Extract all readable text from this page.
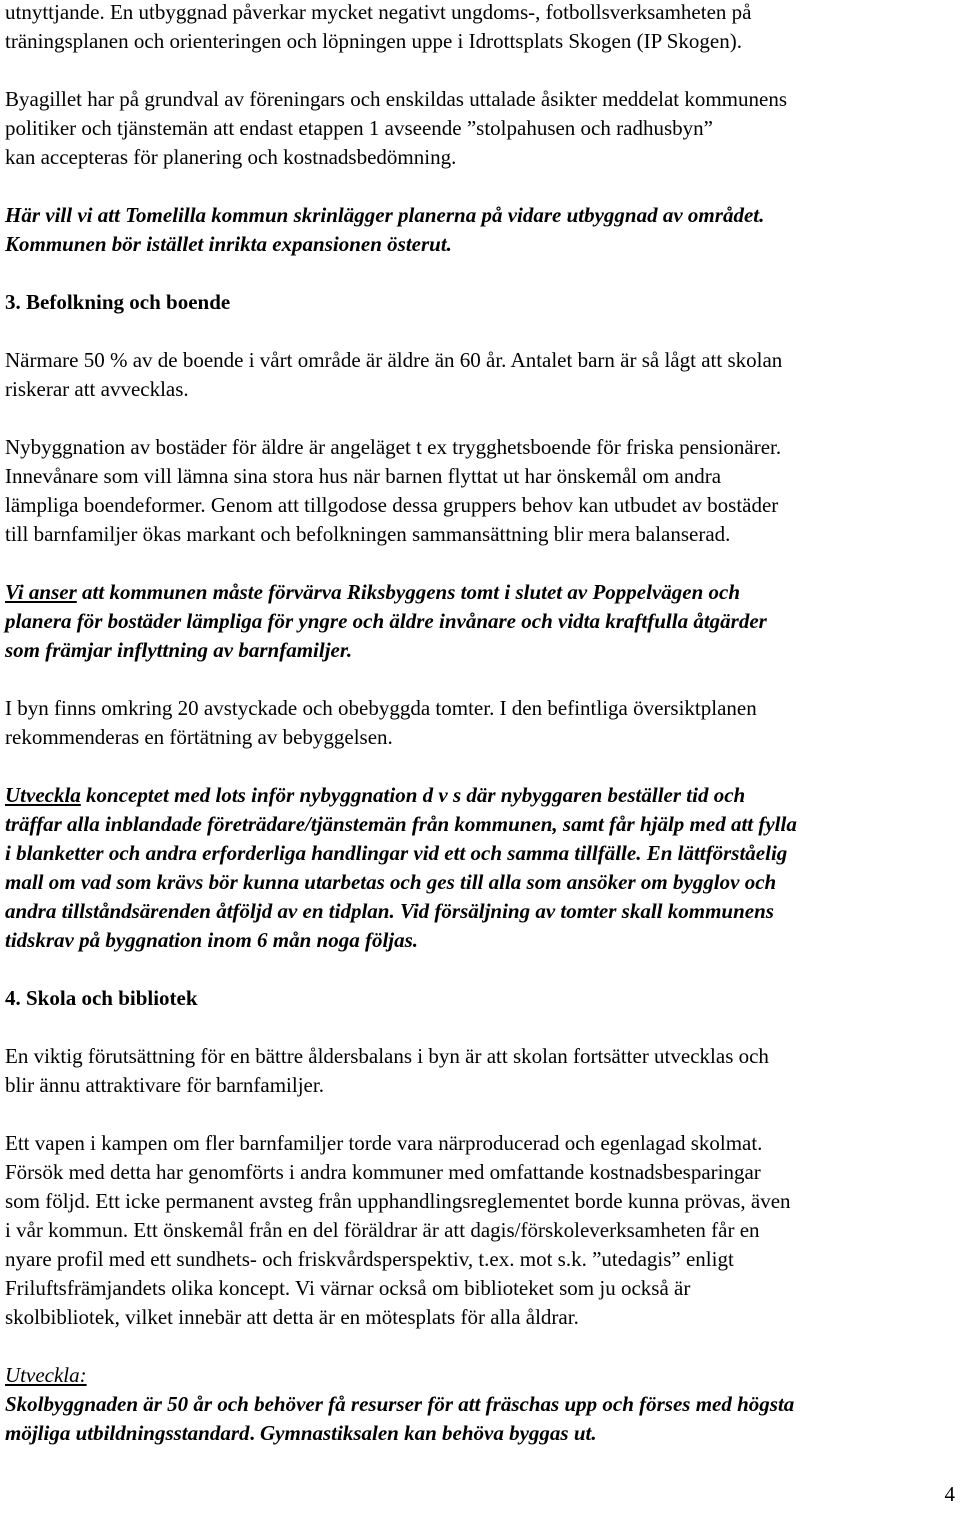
utnyttjande. En utbyggnad påverkar mycket negativt ungdoms-, fotbollsverksamheten på
träningsplanen och orienteringen och löpningen uppe i Idrottsplats Skogen (IP Skogen).

Byagillet har på grundval av föreningars och enskildas uttalade åsikter meddelat kommunens
politiker och tjänstemän att endast etappen 1 avseende ”stolpahusen och radhusbyn”
kan accepteras för planering och kostnadsbedömning.

Här vill vi att Tomelilla kommun skrinlägger planerna på vidare utbyggnad av området.
Kommunen bör istället inrikta expansionen österut.

3. Befolkning och boende

Närmare 50 % av de boende i vårt område är äldre än 60 år. Antalet barn är så lågt att skolan
riskerar att avvecklas.

Nybyggnation av bostäder för äldre är angeläget t ex trygghetsboende för friska pensionärer.
Innevånare som vill lämna sina stora hus när barnen flyttat ut har önskemål om andra
lämpliga boendeformer. Genom att tillgodose dessa gruppers behov kan utbudet av bostäder
till barnfamiljer ökas markant och befolkningen sammansättning blir mera balanserad.

Vi anser att kommunen måste förvärva Riksbyggens tomt i slutet av Poppelvägen och
planera för bostäder lämpliga för yngre och äldre invånare och vidta kraftfulla åtgärder
som främjar inflyttning av barnfamiljer.

I byn finns omkring 20 avstyckade och obebyggda tomter. I den befintliga översiktplanen
rekommenderas en förtätning av bebyggelsen.

Utveckla konceptet med lots inför nybyggnation d v s där nybyggaren beställer tid och
träffar alla inblandade företrädare/tjänstemän från kommunen, samt får hjälp med att fylla
i blanketter och andra erforderliga handlingar vid ett och samma tillfälle. En lättförståelig
mall om vad som krävs bör kunna utarbetas och ges till alla som ansöker om bygglov och
andra tillståndsärenden åtföljd av en tidplan. Vid försäljning av tomter skall kommunens
tidskrav på byggnation inom 6 mån noga följas.

4. Skola och bibliotek

En viktig förutsättning för en bättre åldersbalans i byn är att skolan fortsätter utvecklas och
blir ännu attraktivare för barnfamiljer.

Ett vapen i kampen om fler barnfamiljer torde vara närproducerad och egenlagad skolmat.
Försök med detta har genomförts i andra kommuner med omfattande kostnadsbesparingar
som följd. Ett icke permanent avsteg från upphandlingsreglementet borde kunna prövas, även
i vår kommun. Ett önskemål från en del föräldrar är att dagis/förskoleverksamheten får en
nyare profil med ett sundhets- och friskvårdsperspektiv, t.ex. mot s.k. ”utedagis” enligt
Friluftsfrämjandets olika koncept. Vi värnar också om biblioteket som ju också är
skolbibliotek, vilket innebär att detta är en mötesplats för alla åldrar.

Utveckla:
Skolbyggnaden är 50 år och behöver få resurser för att fräschas upp och förses med högsta
möjliga utbildningsstandard. Gymnastiksalen kan behöva byggas ut.

4
